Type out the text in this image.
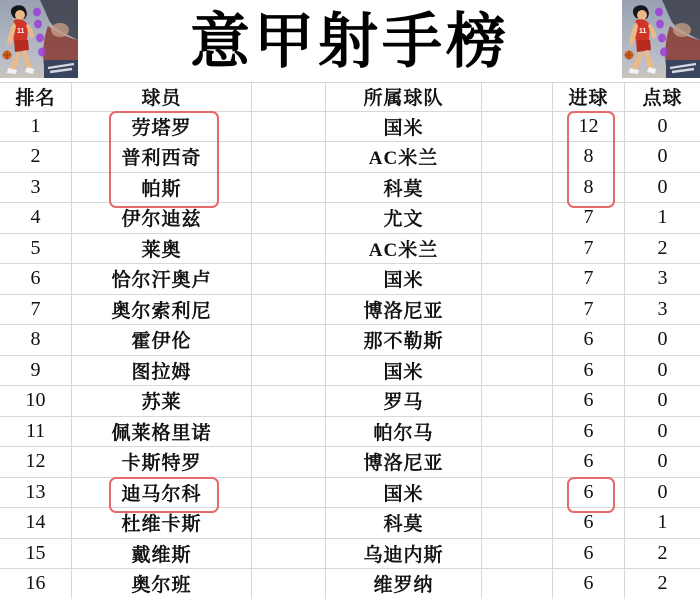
11	意甲射手榜	11
排名	球员	所属球队	进球	点球
1	劳塔罗	国米	12	0
2	普利西奇	AC米兰	8	0
3	帕斯	科莫	8	0
4	伊尔迪兹	尤文	7	1
5	莱奥	AC米兰	7	2
6	恰尔汗奥卢	国米	7	3
7	奥尔索利尼	博洛尼亚	7	3
8	霍伊伦	那不勒斯	6	0
9	图拉姆	国米	6	0
10	苏莱	罗马	6	0
11	佩莱格里诺	帕尔马	6	0
12	卡斯特罗	博洛尼亚	6	0
13	迪马尔科	国米	6	0
14	杜维卡斯	科莫	6	1
15	戴维斯	乌迪内斯	6	2
16	奥尔班	维罗纳	6	2
